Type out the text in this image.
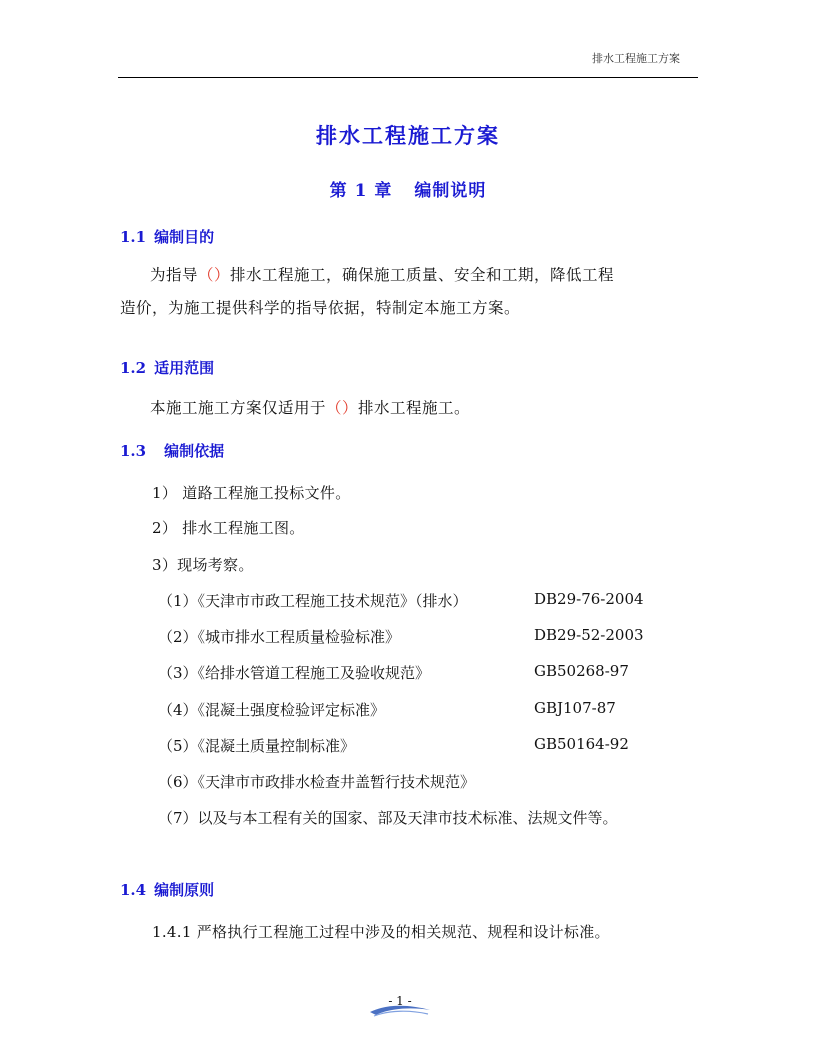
排水工程施工方案
排水工程施工方案
第 1 章 编制说明
1.1 编制目的
为指导（）排水工程施工，确保施工质量、安全和工期，降低工程
造价，为施工提供科学的指导依据，特制定本施工方案。
1.2 适用范围
本施工施工方案仅适用于（）排水工程施工。
1.3 编制依据
1） 道路工程施工投标文件。
2） 排水工程施工图。
3）现场考察。
（1）《天津市市政工程施工技术规范》（排水）	DB29-76-2004
（2）《城市排水工程质量检验标准》	DB29-52-2003
（3）《给排水管道工程施工及验收规范》	GB50268-97
（4）《混凝土强度检验评定标准》	GBJ107-87
（5）《混凝土质量控制标准》	GB50164-92
（6）《天津市市政排水检查井盖暂行技术规范》
（7）以及与本工程有关的国家、部及天津市技术标准、法规文件等。
1.4 编制原则
1.4.1 严格执行工程施工过程中涉及的相关规范、规程和设计标准。
- 1 -
